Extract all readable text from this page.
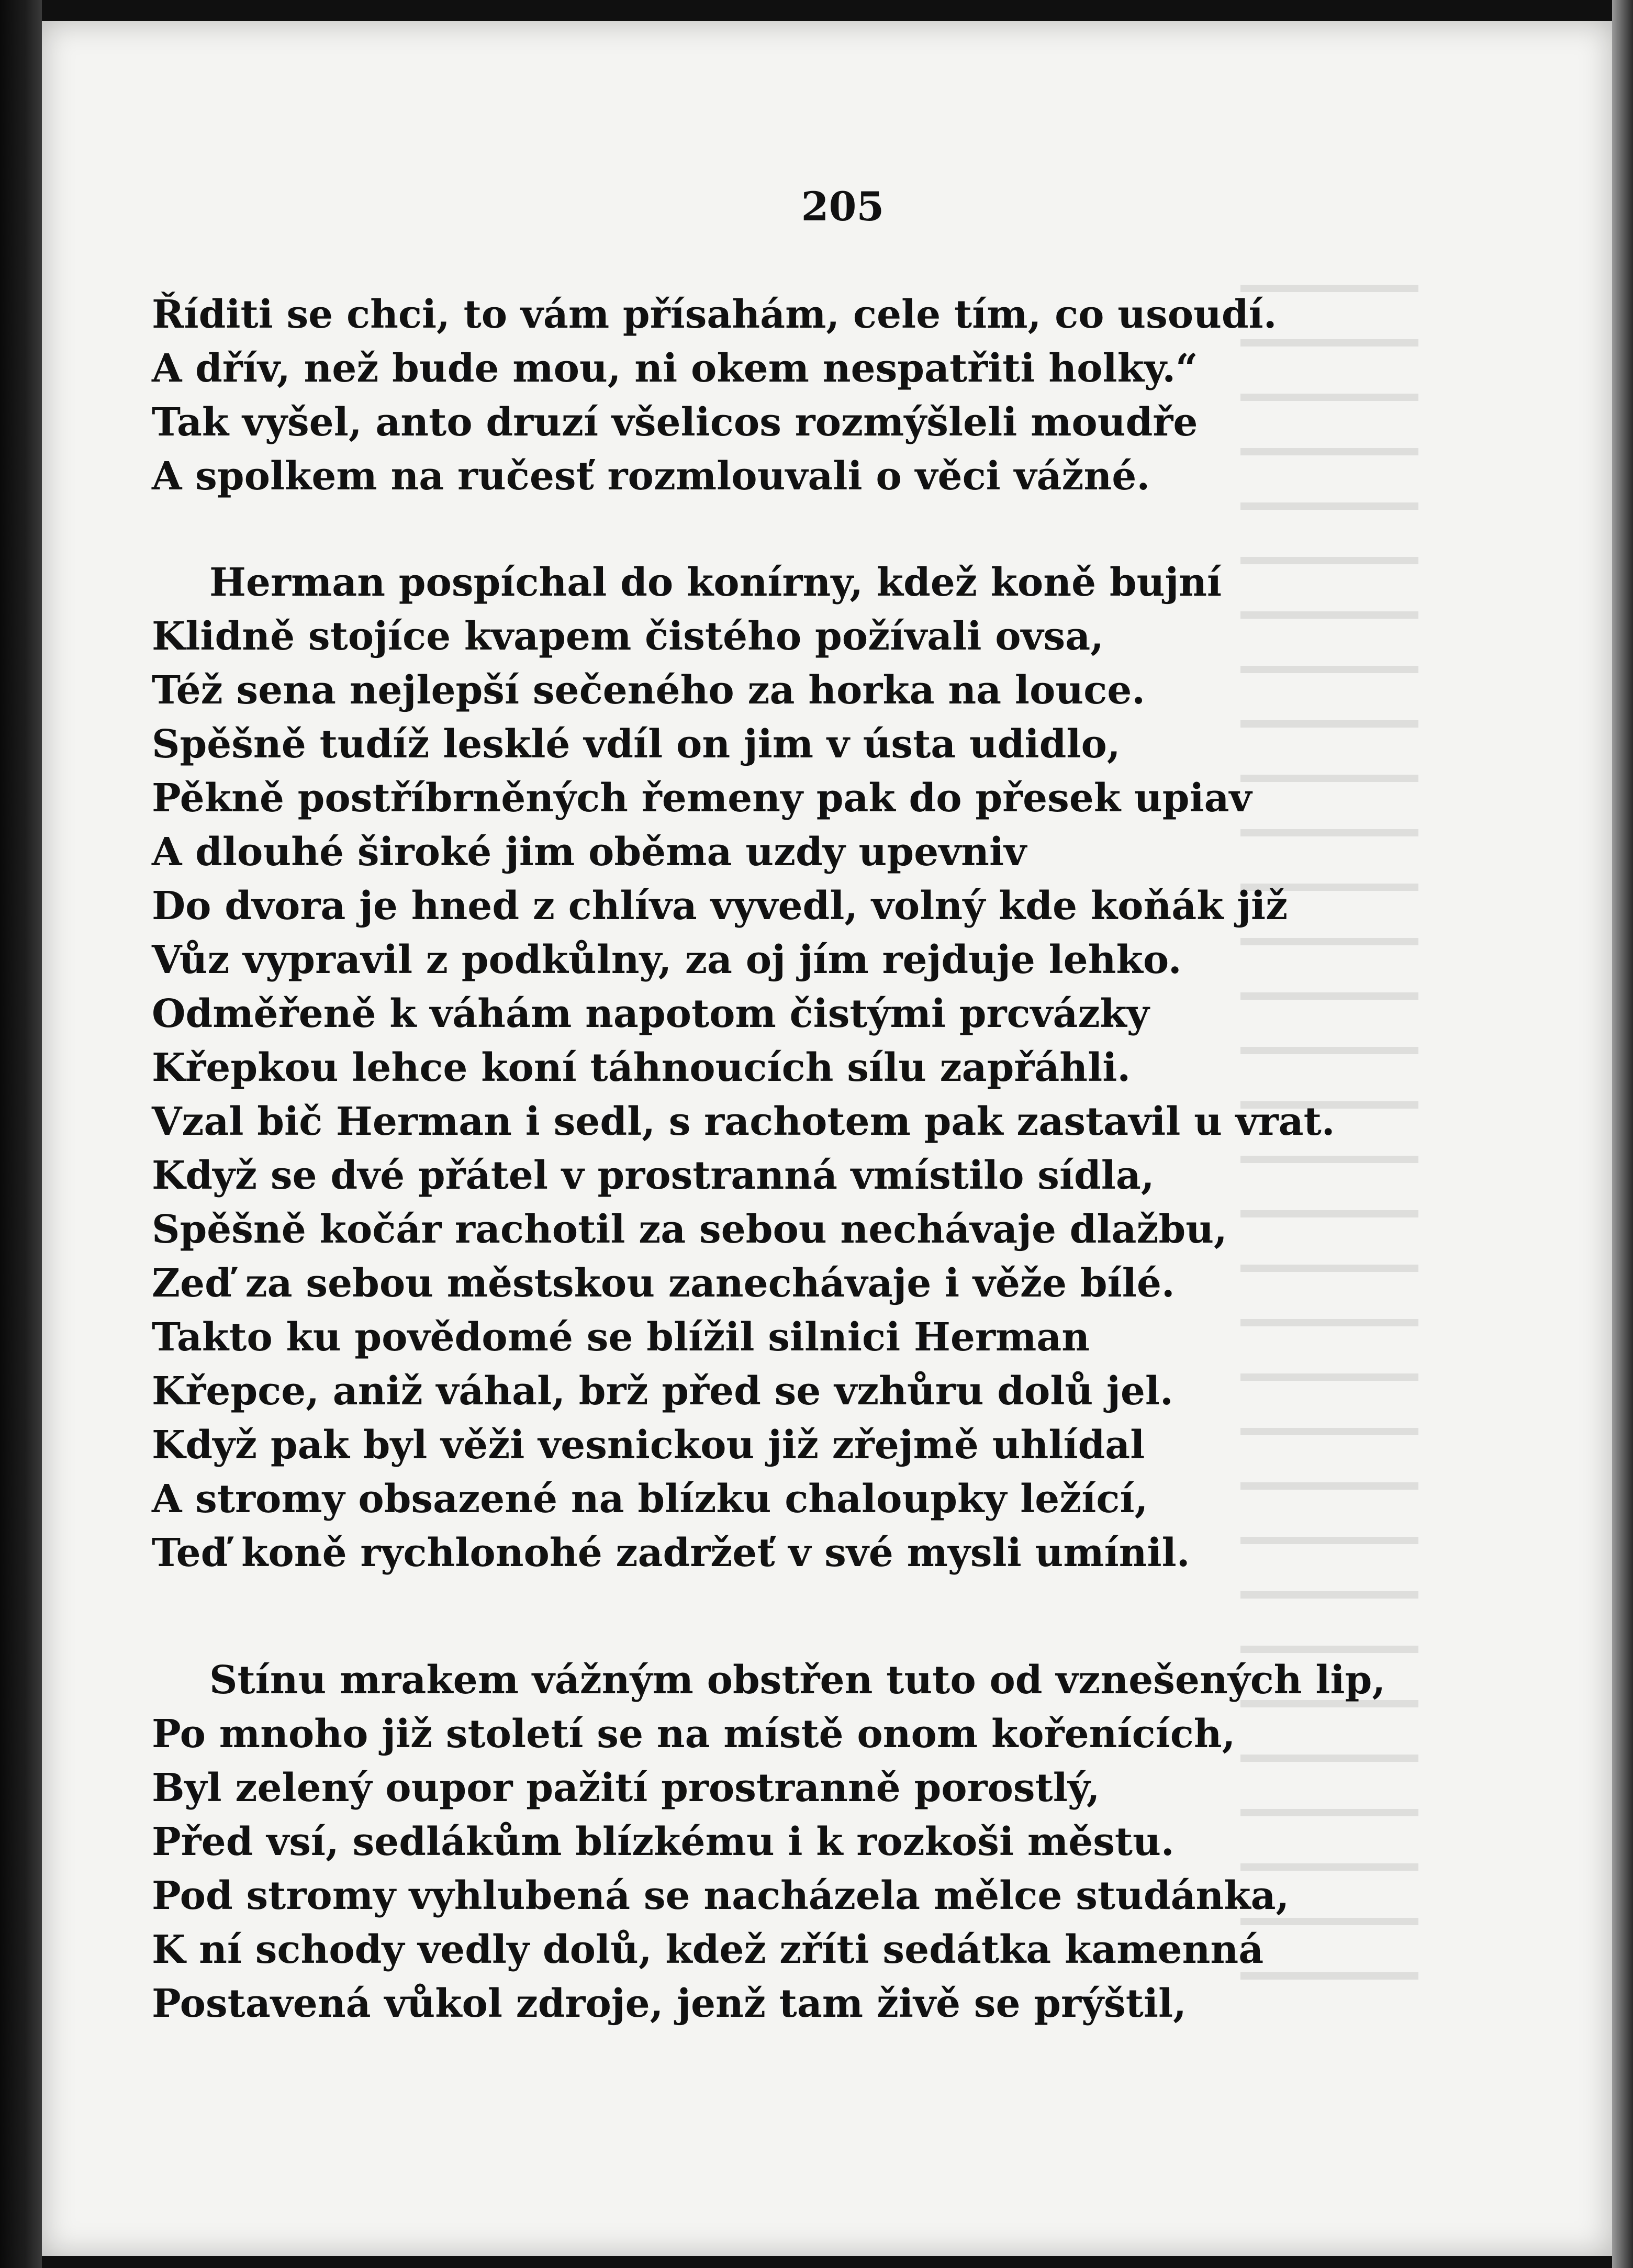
205
Říditi se chci, to vám přísahám, cele tím, co usoudí.
A dřív, než bude mou, ni okem nespatřiti holky.“
Tak vyšel, anto druzí všelicos rozmýšleli moudře
A spolkem na ručesť rozmlouvali o věci vážné.
Herman pospíchal do konírny, kdež koně bujní
Klidně stojíce kvapem čistého požívali ovsa,
Též sena nejlepší sečeného za horka na louce.
Spěšně tudíž lesklé vdíl on jim v ústa udidlo,
Pěkně postříbrněných řemeny pak do přesek upiav
A dlouhé široké jim oběma uzdy upevniv
Do dvora je hned z chlíva vyvedl, volný kde koňák již
Vůz vypravil z podkůlny, za oj jím rejduje lehko.
Odměřeně k váhám napotom čistými prcvázky
Křepkou lehce koní táhnoucích sílu zapřáhli.
Vzal bič Herman i sedl, s rachotem pak zastavil u vrat.
Když se dvé přátel v prostranná vmístilo sídla,
Spěšně kočár rachotil za sebou nechávaje dlažbu,
Zeď za sebou městskou zanechávaje i věže bílé.
Takto ku povědomé se blížil silnici Herman
Křepce, aniž váhal, brž před se vzhůru dolů jel.
Když pak byl věži vesnickou již zřejmě uhlídal
A stromy obsazené na blízku chaloupky ležící,
Teď koně rychlonohé zadržeť v své mysli umínil.
Stínu mrakem vážným obstřen tuto od vznešených lip,
Po mnoho již století se na místě onom kořenících,
Byl zelený oupor pažití prostranně porostlý,
Před vsí, sedlákům blízkému i k rozkoši městu.
Pod stromy vyhlubená se nacházela mělce studánka,
K ní schody vedly dolů, kdež zříti sedátka kamenná
Postavená vůkol zdroje, jenž tam živě se prýštil,
